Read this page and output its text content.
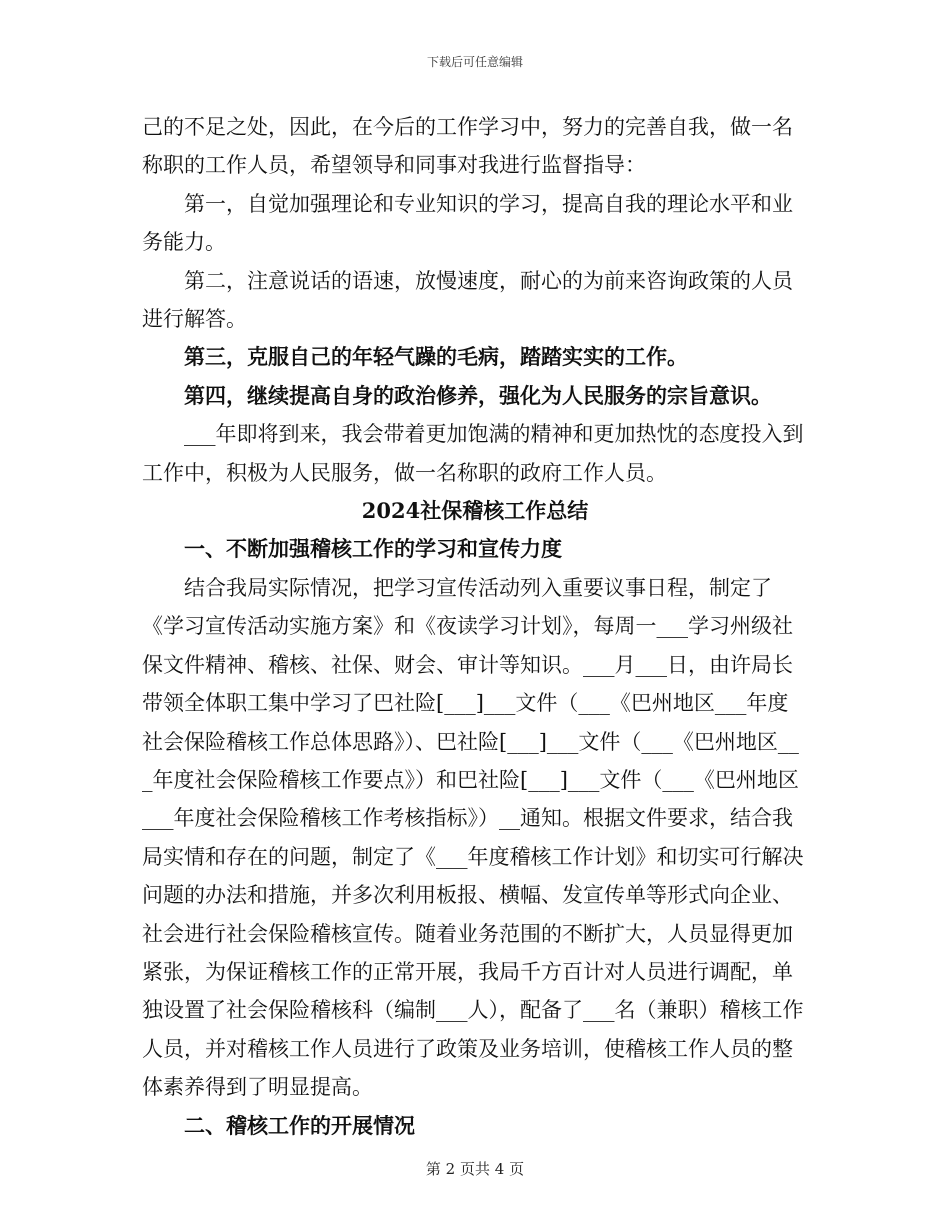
下载后可任意编辑

己的不足之处，因此，在今后的工作学习中，努力的完善自我，做一名称职的工作人员，希望领导和同事对我进行监督指导：

第一，自觉加强理论和专业知识的学习，提高自我的理论水平和业务能力。

第二，注意说话的语速，放慢速度，耐心的为前来咨询政策的人员进行解答。

第三，克服自己的年轻气躁的毛病，踏踏实实的工作。

第四，继续提高自身的政治修养，强化为人民服务的宗旨意识。

___年即将到来，我会带着更加饱满的精神和更加热忱的态度投入到工作中，积极为人民服务，做一名称职的政府工作人员。

2024社保稽核工作总结

一、不断加强稽核工作的学习和宣传力度

结合我局实际情况，把学习宣传活动列入重要议事日程，制定了《学习宣传活动实施方案》和《夜读学习计划》，每周一___学习州级社保文件精神、稽核、社保、财会、审计等知识。___月___日，由许局长带领全体职工集中学习了巴社险[___]___文件（___《巴州地区___年度社会保险稽核工作总体思路》）、巴社险[___]___文件（___《巴州地区___年度社会保险稽核工作要点》）和巴社险[___]___文件（___《巴州地区___年度社会保险稽核工作考核指标》）__通知。根据文件要求，结合我局实情和存在的问题，制定了《___年度稽核工作计划》和切实可行解决问题的办法和措施，并多次利用板报、横幅、发宣传单等形式向企业、社会进行社会保险稽核宣传。随着业务范围的不断扩大，人员显得更加紧张，为保证稽核工作的正常开展，我局千方百计对人员进行调配，单独设置了社会保险稽核科（编制___人），配备了___名（兼职）稽核工作人员，并对稽核工作人员进行了政策及业务培训，使稽核工作人员的整体素养得到了明显提高。

二、稽核工作的开展情况

第 2 页共 4 页
